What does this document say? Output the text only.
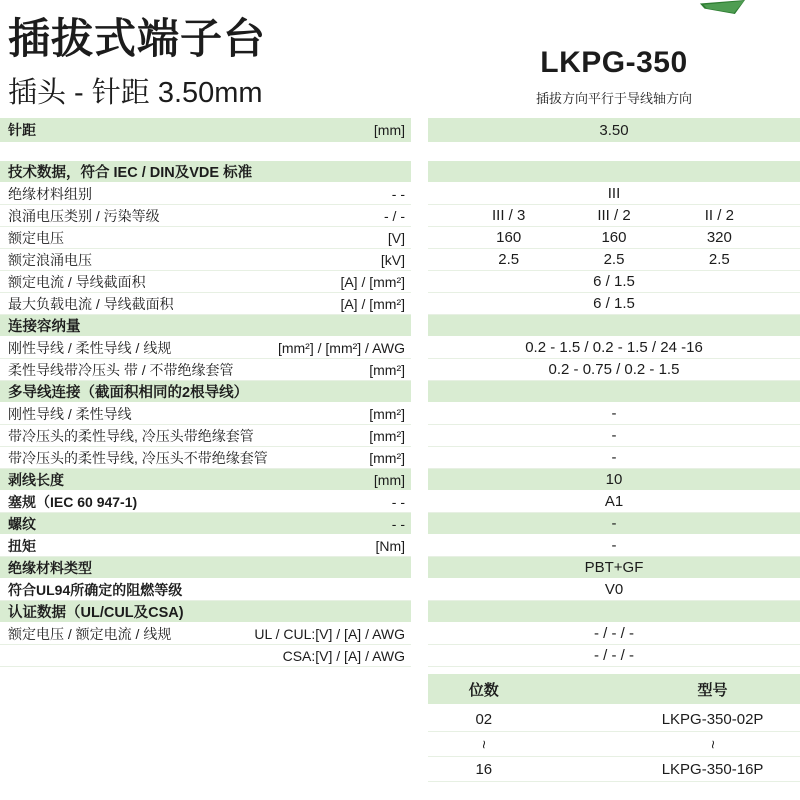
插拔式端子台
插头 - 针距 3.50mm
LKPG-350
插拔方向平行于导线轴方向
针距	[mm]	3.50
技术数据，符合 IEC / DIN及VDE 标准
绝缘材料组别	- -	III
浪涌电压类别 / 污染等级	- / -	III / 3	III / 2	II / 2
额定电压	[V]	160	160	320
额定浪涌电压	[kV]	2.5	2.5	2.5
额定电流 / 导线截面积	[A] / [mm²]	6 / 1.5
最大负载电流 / 导线截面积	[A] / [mm²]	6 / 1.5
连接容纳量
刚性导线 / 柔性导线 / 线规	[mm²] / [mm²] / AWG	0.2 - 1.5 / 0.2 - 1.5 / 24 -16
柔性导线带冷压头 带 / 不带绝缘套管	[mm²]	0.2 - 0.75 / 0.2 - 1.5
多导线连接（截面积相同的2根导线）
刚性导线 / 柔性导线	[mm²]	-
带冷压头的柔性导线, 冷压头带绝缘套管	[mm²]	-
带冷压头的柔性导线, 冷压头不带绝缘套管	[mm²]	-
剥线长度	[mm]	10
塞规（IEC 60 947-1)	- -	A1
螺纹	- -	-
扭矩	[Nm]	-
绝缘材料类型	PBT+GF
符合UL94所确定的阻燃等级	V0
认证数据（UL/CUL及CSA)
额定电压 / 额定电流 / 线规	UL / CUL:[V] / [A] / AWG	- / - / -
CSA:[V] / [A] / AWG	- / - / -
位数	型号
02	LKPG-350-02P
~	~
16	LKPG-350-16P
